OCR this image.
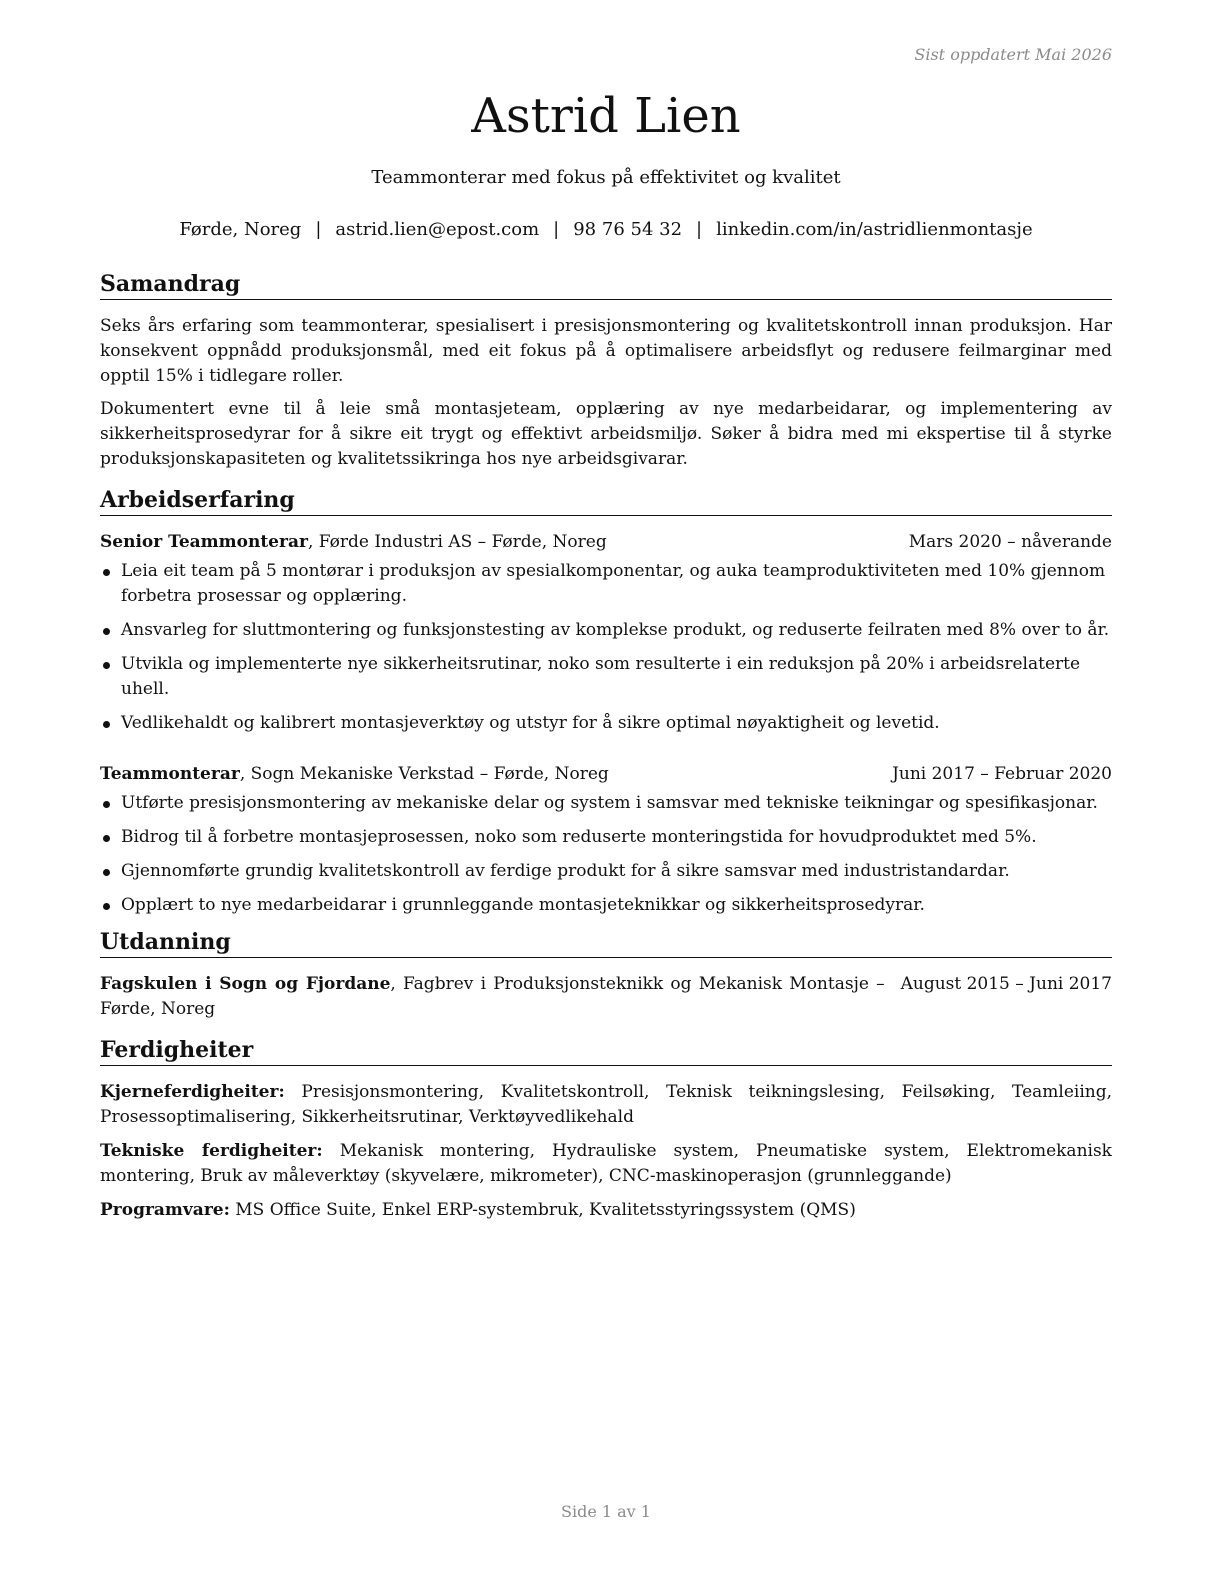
Sist oppdatert Mai 2026
Astrid Lien
Teammonterar med fokus på effektivitet og kvalitet
Førde, Noreg | astrid.lien@epost.com | 98 76 54 32 | linkedin.com/in/astridlienmontasje
Samandrag

Seks års erfaring som teammonterar, spesialisert i presisjonsmontering og kvalitetskontroll innan produksjon. Har konsekvent oppnådd produksjonsmål, med eit fokus på å optimalisere arbeidsflyt og redusere feilmarginar med opptil 15% i tidlegare roller.

Dokumentert evne til å leie små montasjeteam, opplæring av nye medarbeidarar, og implementering av sikkerheitsprosedyrar for å sikre eit trygt og effektivt arbeidsmiljø. Søker å bidra med mi ekspertise til å styrke produksjonskapasiteten og kvalitetssikringa hos nye arbeidsgivarar.

Arbeidserfaring
Senior Teammonterar, Førde Industri AS – Førde, Noreg	Mars 2020 – nåverande
Leia eit team på 5 montørar i produksjon av spesialkomponentar, og auka teamproduktiviteten med 10% gjennom forbetra prosessar og opplæring.
Ansvarleg for sluttmontering og funksjonstesting av komplekse produkt, og reduserte feilraten med 8% over to år.
Utvikla og implementerte nye sikkerheitsrutinar, noko som resulterte i ein reduksjon på 20% i arbeidsrelaterte uhell.
Vedlikehaldt og kalibrert montasjeverktøy og utstyr for å sikre optimal nøyaktigheit og levetid.
Teammonterar, Sogn Mekaniske Verkstad – Førde, Noreg	Juni 2017 – Februar 2020
Utførte presisjonsmontering av mekaniske delar og system i samsvar med tekniske teikningar og spesifikasjonar.
Bidrog til å forbetre montasjeprosessen, noko som reduserte monteringstida for hovudproduktet med 5%.
Gjennomførte grundig kvalitetskontroll av ferdige produkt for å sikre samsvar med industristandardar.
Opplært to nye medarbeidarar i grunnleggande montasjeteknikkar og sikkerheitsprosedyrar.
Utdanning
Fagskulen i Sogn og Fjordane, Fagbrev i Produksjonsteknikk og Mekanisk Montasje – Førde, Noreg
August 2015 – Juni 2017
Ferdigheiter

Kjerneferdigheiter: Presisjonsmontering, Kvalitetskontroll, Teknisk teikningslesing, Feilsøking, Teamleiing, Prosessoptimalisering, Sikkerheitsrutinar, Verktøyvedlikehald

Tekniske ferdigheiter: Mekanisk montering, Hydrauliske system, Pneumatiske system, Elektromekanisk montering, Bruk av måleverktøy (skyvelære, mikrometer), CNC-maskinoperasjon (grunnleggande)

Programvare: MS Office Suite, Enkel ERP-systembruk, Kvalitetsstyringssystem (QMS)

Side 1 av 1
